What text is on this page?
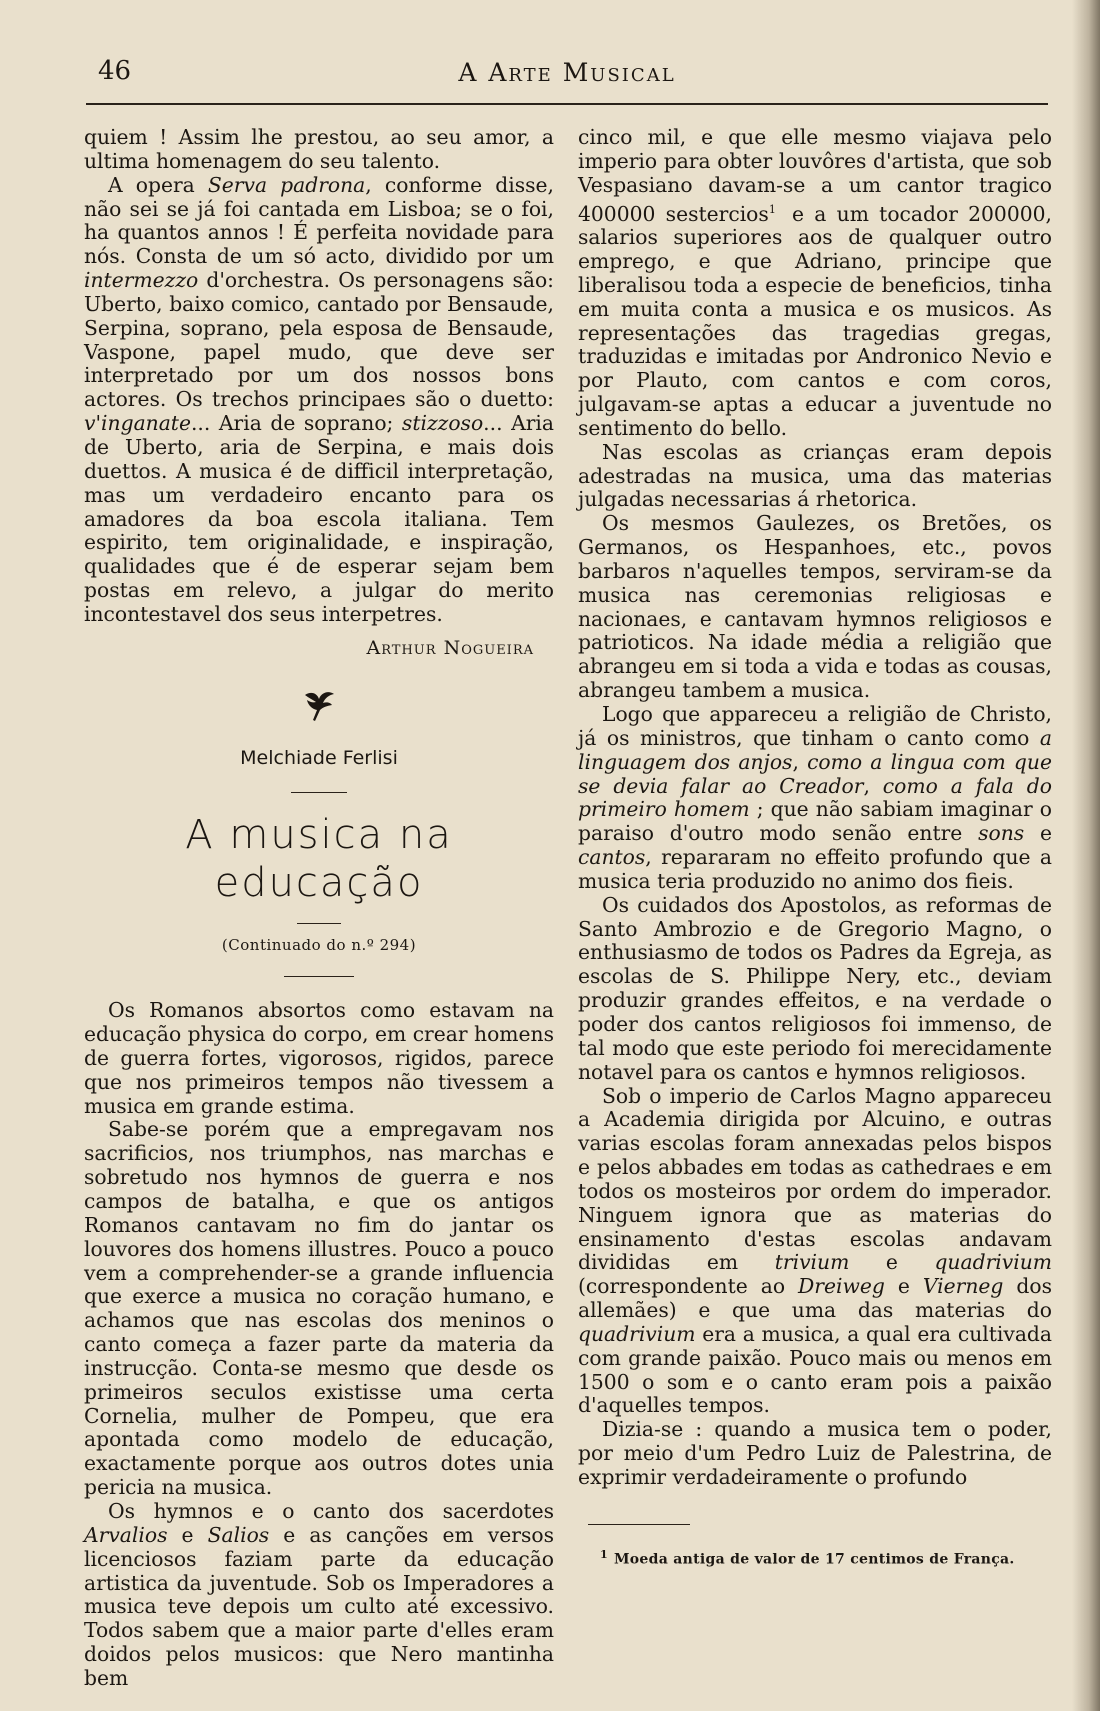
46	A Arte Musical

quiem ! Assim lhe prestou, ao seu amor, a ultima homenagem do seu talento.

A opera Serva padrona, conforme disse, não sei se já foi cantada em Lisboa; se o foi, ha quantos annos ! É perfeita novidade para nós. Consta de um só acto, dividido por um intermezzo d'orchestra. Os personagens são: Uberto, baixo comico, cantado por Bensaude, Serpina, soprano, pela esposa de Bensaude, Vaspone, papel mudo, que deve ser interpretado por um dos nossos bons actores. Os trechos principaes são o duetto: v'inganate... Aria de soprano; stizzoso... Aria de Uberto, aria de Serpina, e mais dois duettos. A musica é de difficil interpretação, mas um verdadeiro encanto para os amadores da boa escola italiana. Tem espirito, tem originalidade, e inspiração, qualidades que é de esperar sejam bem postas em relevo, a julgar do merito incontestavel dos seus interpetres.

Arthur Nogueira
Melchiade Ferlisi
A musica na educação
(Continuado do n.º 294)

Os Romanos absortos como estavam na educação physica do corpo, em crear homens de guerra fortes, vigorosos, rigidos, parece que nos primeiros tempos não tivessem a musica em grande estima.

Sabe-se porém que a empregavam nos sacrificios, nos triumphos, nas marchas e sobretudo nos hymnos de guerra e nos campos de batalha, e que os antigos Romanos cantavam no fim do jantar os louvores dos homens illustres. Pouco a pouco vem a comprehender-se a grande influencia que exerce a musica no coração humano, e achamos que nas escolas dos meninos o canto começa a fazer parte da materia da instrucção. Conta-se mesmo que desde os primeiros seculos existisse uma certa Cornelia, mulher de Pompeu, que era apontada como modelo de educação, exactamente porque aos outros dotes unia pericia na musica.

Os hymnos e o canto dos sacerdotes Arvalios e Salios e as canções em versos licenciosos faziam parte da educação artistica da juventude. Sob os Imperadores a musica teve depois um culto até excessivo. Todos sabem que a maior parte d'elles eram doidos pelos musicos: que Nero mantinha bem

cinco mil, e que elle mesmo viajava pelo imperio para obter louvôres d'artista, que sob Vespasiano davam-se a um cantor tragico 400000 sestercios$^1$ e a um tocador 200000, salarios superiores aos de qualquer outro emprego, e que Adriano, principe que liberalisou toda a especie de beneficios, tinha em muita conta a musica e os musicos. As representações das tragedias gregas, traduzidas e imitadas por Andronico Nevio e por Plauto, com cantos e com coros, julgavam-se aptas a educar a juventude no sentimento do bello.

Nas escolas as crianças eram depois adestradas na musica, uma das materias julgadas necessarias á rhetorica.

Os mesmos Gaulezes, os Bretões, os Germanos, os Hespanhoes, etc., povos barbaros n'aquelles tempos, serviram-se da musica nas ceremonias religiosas e nacionaes, e cantavam hymnos religiosos e patrioticos. Na idade média a religião que abrangeu em si toda a vida e todas as cousas, abrangeu tambem a musica.

Logo que appareceu a religião de Christo, já os ministros, que tinham o canto como a linguagem dos anjos, como a lingua com que se devia falar ao Creador, como a fala do primeiro homem ; que não sabiam imaginar o paraiso d'outro modo senão entre sons e cantos, repararam no effeito profundo que a musica teria produzido no animo dos fieis.

Os cuidados dos Apostolos, as reformas de Santo Ambrozio e de Gregorio Magno, o enthusiasmo de todos os Padres da Egreja, as escolas de S. Philippe Nery, etc., deviam produzir grandes effeitos, e na verdade o poder dos cantos religiosos foi immenso, de tal modo que este periodo foi merecidamente notavel para os cantos e hymnos religiosos.

Sob o imperio de Carlos Magno appareceu a Academia dirigida por Alcuino, e outras varias escolas foram annexadas pelos bispos e pelos abbades em todas as cathedraes e em todos os mosteiros por ordem do imperador. Ninguem ignora que as materias do ensinamento d'estas escolas andavam divididas em trivium e quadrivium (correspondente ao Dreiweg e Vierneg dos allemães) e que uma das materias do quadrivium era a musica, a qual era cultivada com grande paixão. Pouco mais ou menos em 1500 o som e o canto eram pois a paixão d'aquelles tempos.

Dizia-se : quando a musica tem o poder, por meio d'um Pedro Luiz de Palestrina, de exprimir verdadeiramente o profundo

$^1$ Moeda antiga de valor de 17 centimos de França.
